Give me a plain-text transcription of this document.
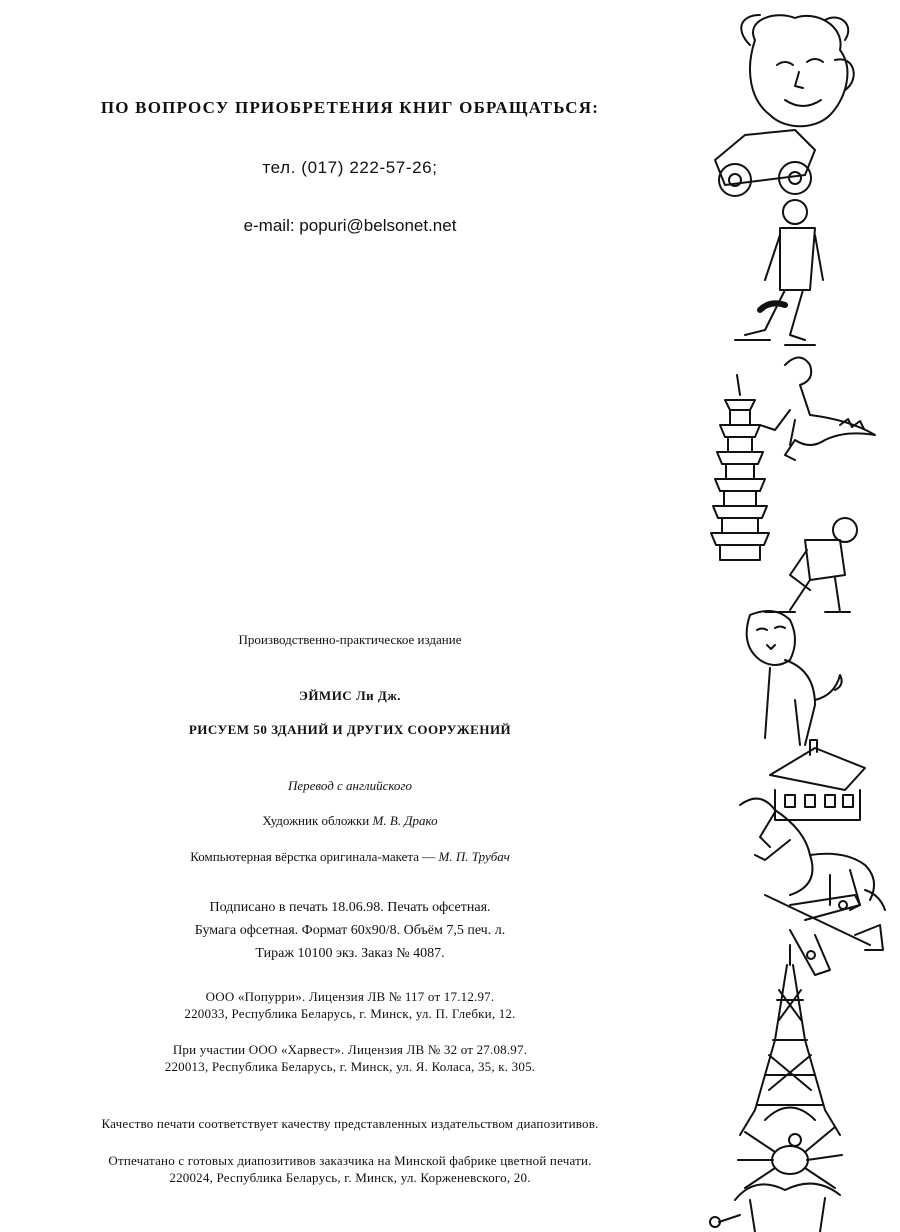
ПО ВОПРОСУ ПРИОБРЕТЕНИЯ КНИГ ОБРАЩАТЬСЯ:
тел. (017) 222-57-26;
e-mail: popuri@belsonet.net
Производственно-практическое издание
ЭЙМИС Ли Дж.
РИСУЕМ 50 ЗДАНИЙ И ДРУГИХ СООРУЖЕНИЙ
Перевод с английского
Художник обложки М. В. Драко
Компьютерная вёрстка оригинала-макета — М. П. Трубач
Подписано в печать 18.06.98. Печать офсетная.
Бумага офсетная. Формат 60x90/8. Объём 7,5 печ. л.
Тираж 10100 экз. Заказ № 4087.
ООО «Попурри». Лицензия ЛВ № 117 от 17.12.97.
220033, Республика Беларусь, г. Минск, ул. П. Глебки, 12.
При участии ООО «Харвест». Лицензия ЛВ № 32 от 27.08.97.
220013, Республика Беларусь, г. Минск, ул. Я. Коласа, 35, к. 305.
Качество печати соответствует качеству представленных издательством диапозитивов.
Отпечатано с готовых диапозитивов заказчика на Минской фабрике цветной печати.
220024, Республика Беларусь, г. Минск, ул. Корженевского, 20.
